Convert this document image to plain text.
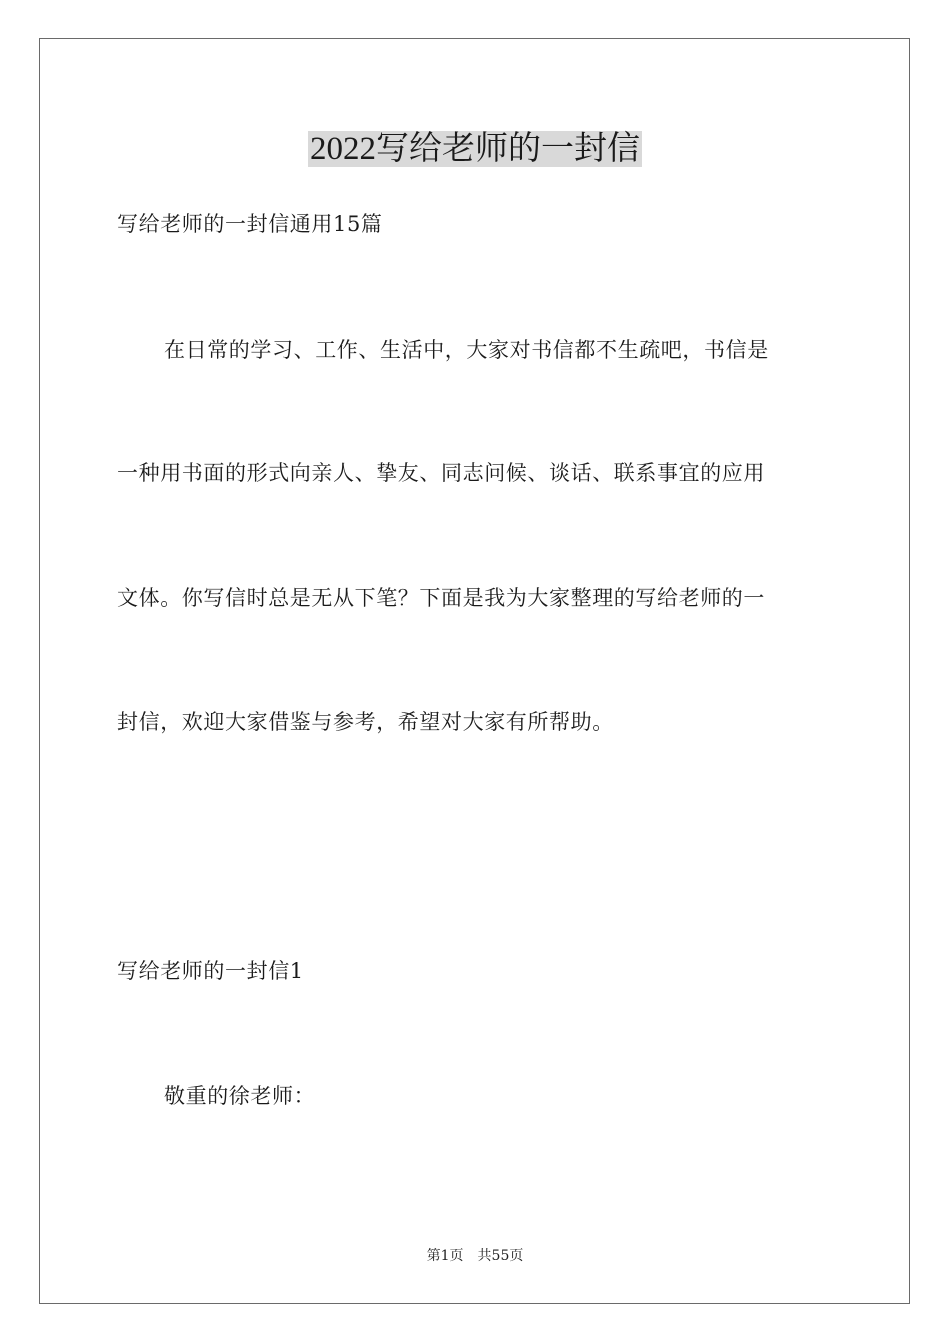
2022写给老师的一封信
写给老师的一封信通用15篇
在日常的学习、工作、生活中，大家对书信都不生疏吧，书信是
一种用书面的形式向亲人、挚友、同志问候、谈话、联系事宜的应用
文体。你写信时总是无从下笔？下面是我为大家整理的写给老师的一
封信，欢迎大家借鉴与参考，希望对大家有所帮助。
写给老师的一封信1
敬重的徐老师：
第1页 共55页
